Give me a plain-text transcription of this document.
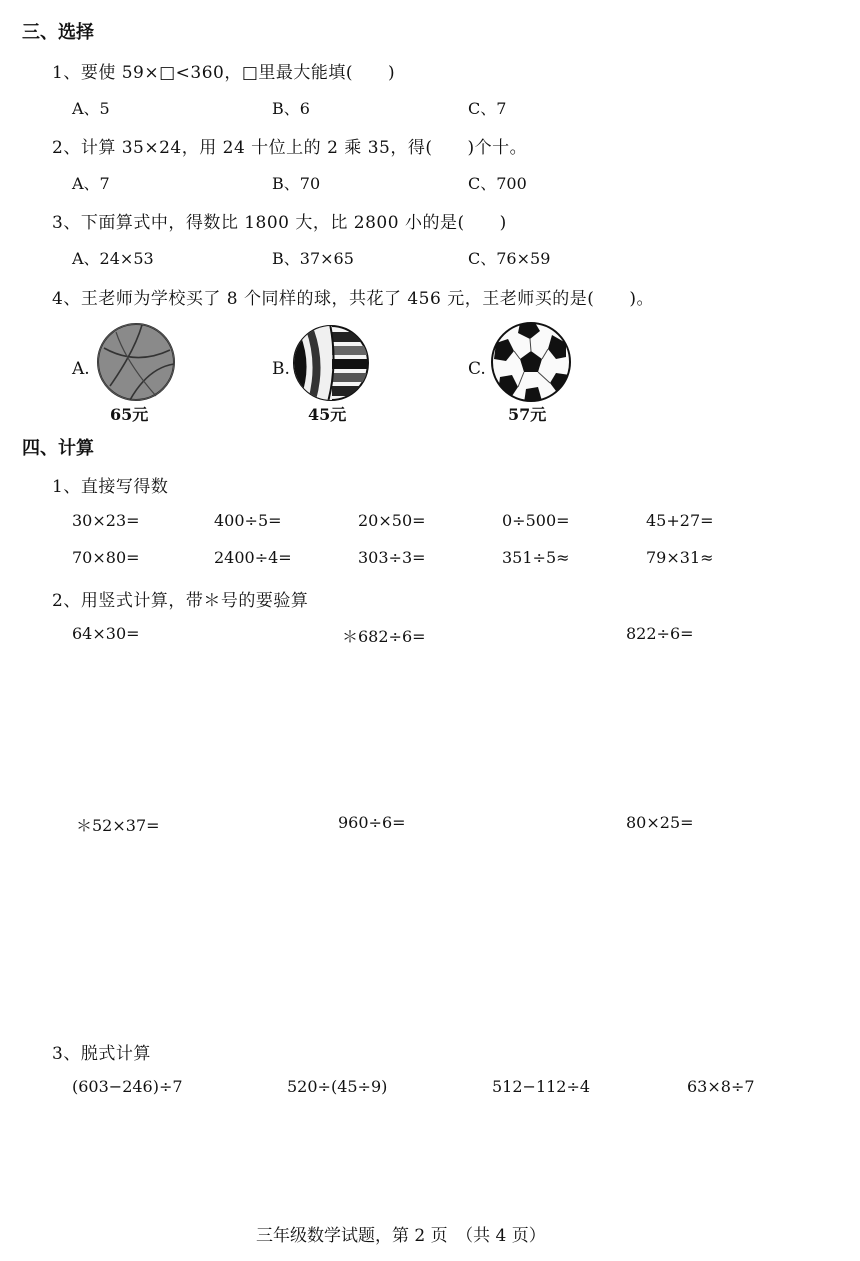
三、选择
1、要使 59×□<360，□里最大能填(　　)
A、5	B、6	C、7
2、计算 35×24，用 24 十位上的 2 乘 35，得(　　)个十。
A、7	B、70	C、700
3、下面算式中，得数比 1800 大，比 2800 小的是(　　)
A、24×53	B、37×65	C、76×59
4、王老师为学校买了 8 个同样的球，共花了 456 元，王老师买的是(　　)。
A.
65元
B.
45元
C.
57元
四、计算
1、直接写得数
30×23=	400÷5=	20×50=	0÷500=	45+27=
70×80=	2400÷4=	303÷3=	351÷5≈	79×31≈
2、用竖式计算，带＊号的要验算
64×30=	＊682÷6=	822÷6=
＊52×37=	960÷6=	80×25=
3、脱式计算
(603−246)÷7	520÷(45÷9)	512−112÷4	63×8÷7
三年级数学试题，第 2 页　（共 4 页）
